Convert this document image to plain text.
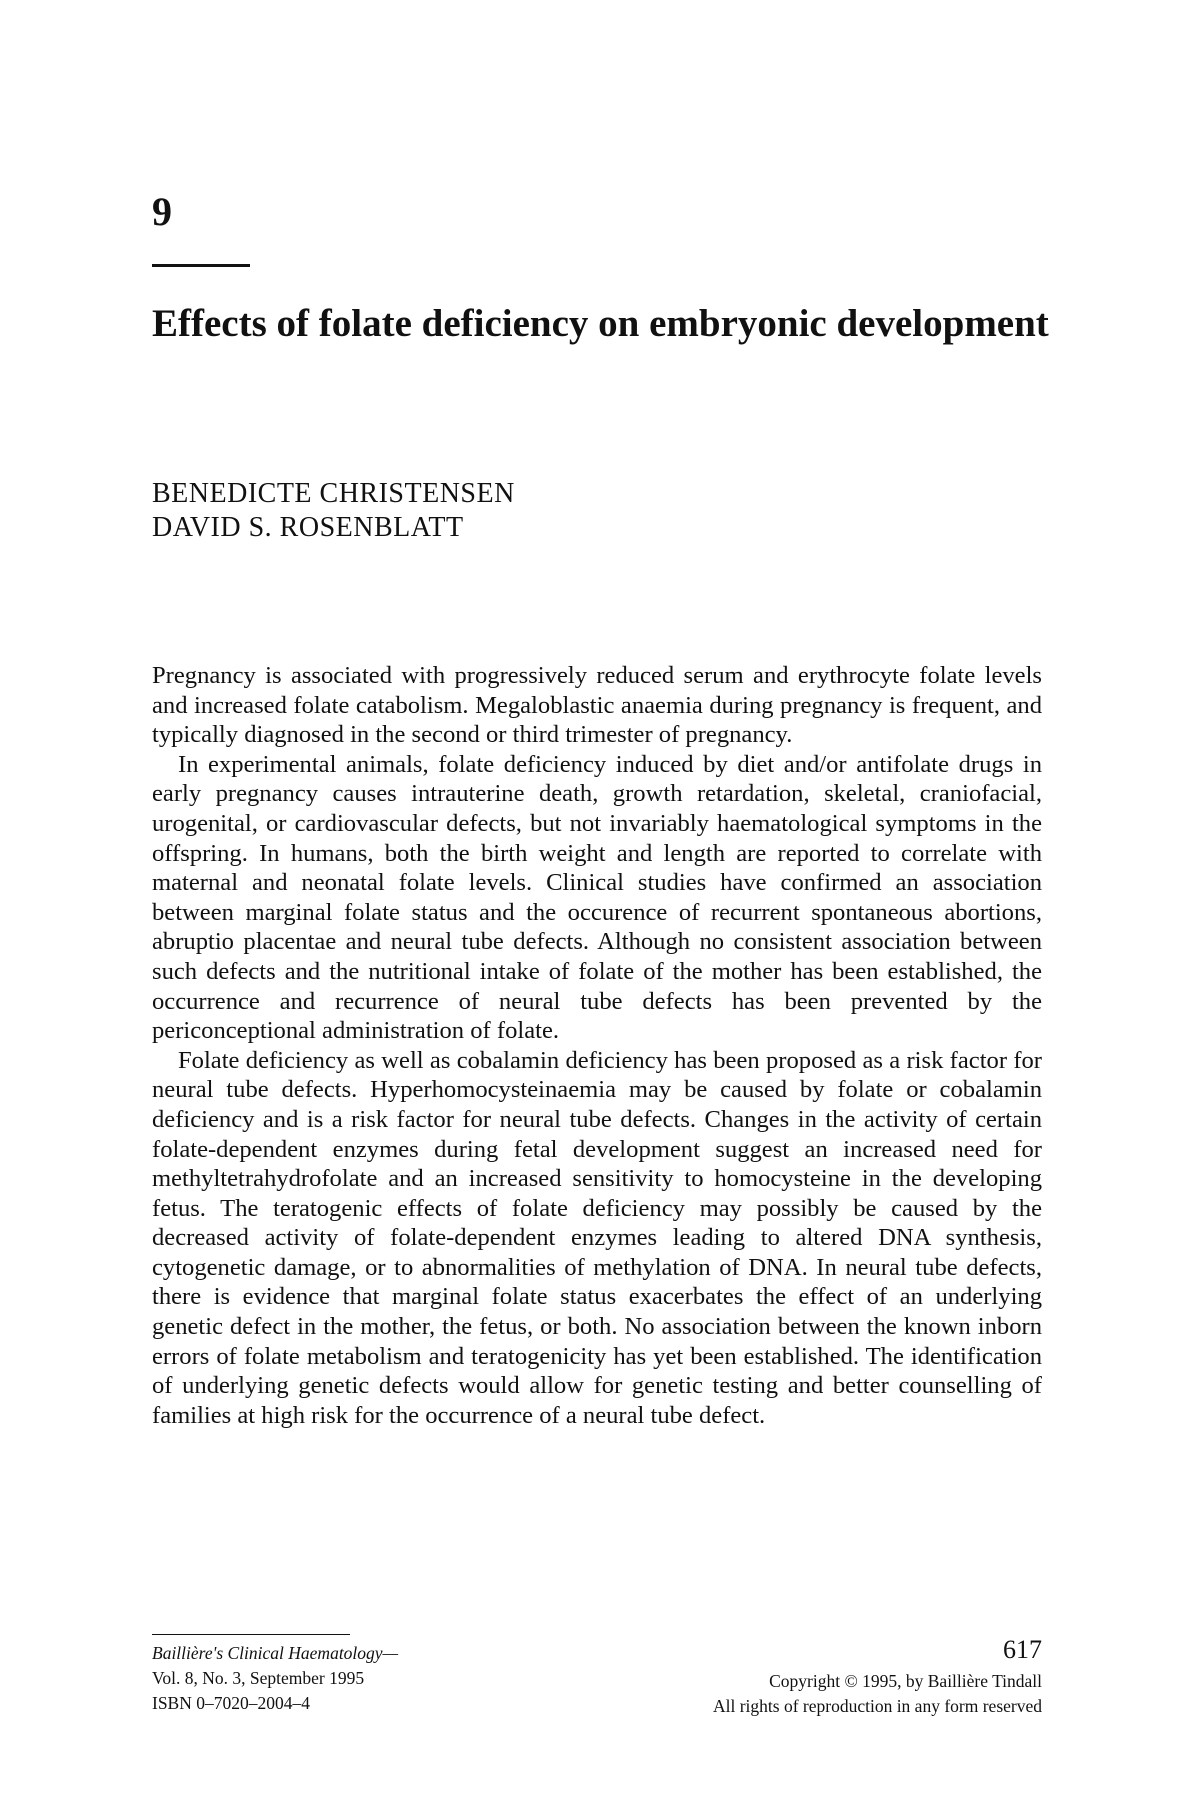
9
Effects of folate deficiency on embryonic development
BENEDICTE CHRISTENSEN
DAVID S. ROSENBLATT

Pregnancy is associated with progressively reduced serum and erythrocyte folate levels and increased folate catabolism. Megaloblastic anaemia during pregnancy is frequent, and typically diagnosed in the second or third trimester of pregnancy.

In experimental animals, folate deficiency induced by diet and/or antifolate drugs in early pregnancy causes intrauterine death, growth retardation, skeletal, craniofacial, urogenital, or cardiovascular defects, but not invariably haematological symptoms in the offspring. In humans, both the birth weight and length are reported to correlate with maternal and neonatal folate levels. Clinical studies have confirmed an association between marginal folate status and the occurence of recurrent spontaneous abortions, abruptio placentae and neural tube defects. Although no consistent association between such defects and the nutritional intake of folate of the mother has been established, the occurrence and recurrence of neural tube defects has been prevented by the periconceptional administration of folate.

Folate deficiency as well as cobalamin deficiency has been proposed as a risk factor for neural tube defects. Hyperhomocysteinaemia may be caused by folate or cobalamin deficiency and is a risk factor for neural tube defects. Changes in the activity of certain folate-dependent enzymes during fetal development suggest an increased need for methyltetrahydrofolate and an increased sensitivity to homocysteine in the developing fetus. The teratogenic effects of folate deficiency may possibly be caused by the decreased activity of folate-dependent enzymes leading to altered DNA synthesis, cytogenetic damage, or to abnormalities of methylation of DNA. In neural tube defects, there is evidence that marginal folate status exacerbates the effect of an underlying genetic defect in the mother, the fetus, or both. No association between the known inborn errors of folate metabolism and teratogenicity has yet been established. The identification of underlying genetic defects would allow for genetic testing and better counselling of families at high risk for the occurrence of a neural tube defect.

Baillière's Clinical Haematology—
Vol. 8, No. 3, September 1995
ISBN 0–7020–2004–4
617
Copyright © 1995, by Baillière Tindall
All rights of reproduction in any form reserved
